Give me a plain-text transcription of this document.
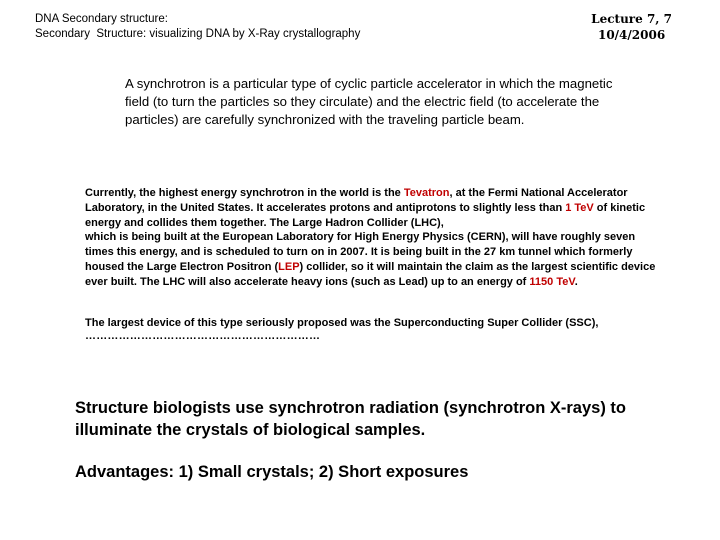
DNA Secondary structure:
Secondary  Structure: visualizing DNA by X-Ray crystallography
Lecture 7, 7
10/4/2006
A synchrotron is a particular type of cyclic particle accelerator in which the magnetic field (to turn the particles so they circulate) and the electric field (to accelerate the particles) are carefully synchronized with the traveling particle beam.
Currently, the highest energy synchrotron in the world is the Tevatron, at the Fermi National Accelerator Laboratory, in the United States. It accelerates protons and antiprotons to slightly less than 1 TeV of kinetic energy and collides them together. The Large Hadron Collider (LHC),
which is being built at the European Laboratory for High Energy Physics (CERN), will have roughly seven times this energy, and is scheduled to turn on in 2007. It is being built in the 27 km tunnel which formerly housed the Large Electron Positron (LEP) collider, so it will maintain the claim as the largest scientific device ever built. The LHC will also accelerate heavy ions (such as Lead) up to an energy of 1150 TeV.
The largest device of this type seriously proposed was the Superconducting Super Collider (SSC),
………………………………………………………
Structure biologists use synchrotron radiation (synchrotron X-rays) to illuminate the crystals of biological samples.
Advantages: 1) Small crystals; 2) Short exposures
